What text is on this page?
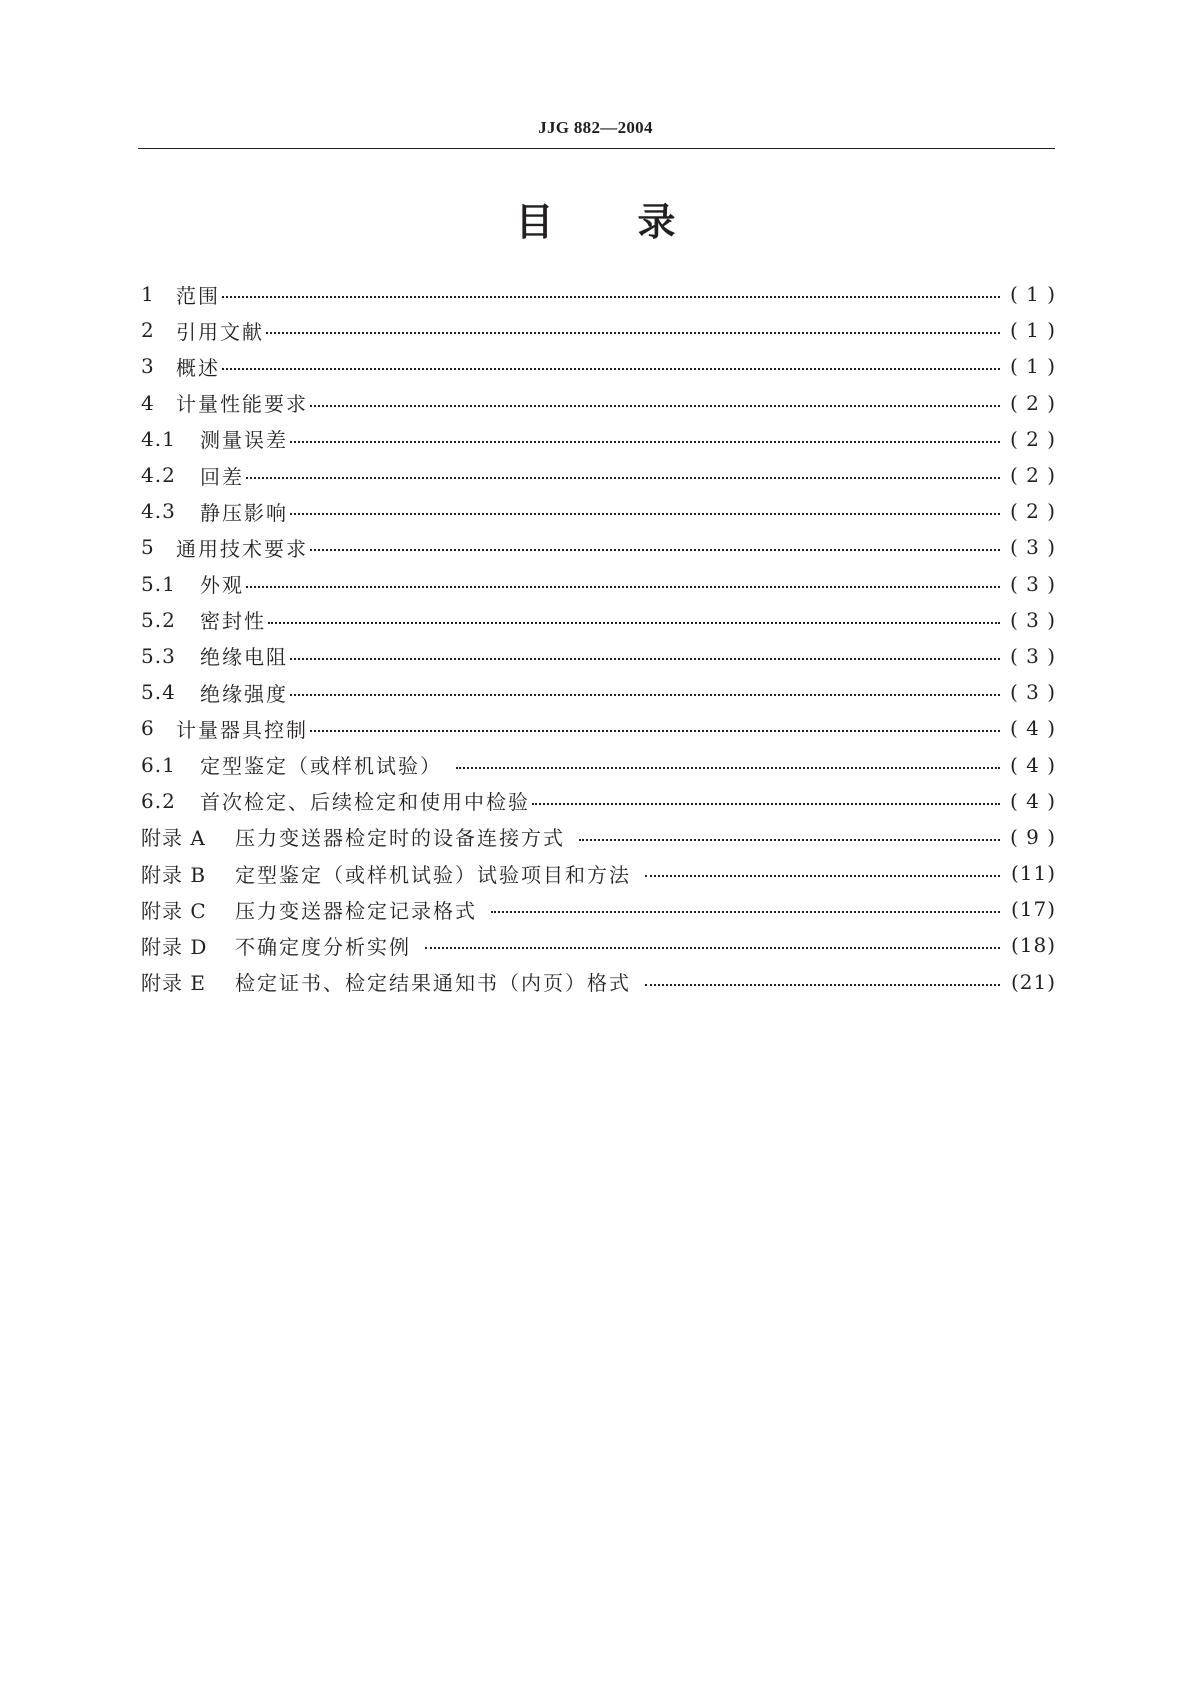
JJG 882—2004
目 录
1	范围	( 1 )
2	引用文献	( 1 )
3	概述	( 1 )
4	计量性能要求	( 2 )
4.1	测量误差	( 2 )
4.2	回差	( 2 )
4.3	静压影响	( 2 )
5	通用技术要求	( 3 )
5.1	外观	( 3 )
5.2	密封性	( 3 )
5.3	绝缘电阻	( 3 )
5.4	绝缘强度	( 3 )
6	计量器具控制	( 4 )
6.1	定型鉴定（或样机试验）	( 4 )
6.2	首次检定、后续检定和使用中检验	( 4 )
附录 A	压力变送器检定时的设备连接方式	( 9 )
附录 B	定型鉴定（或样机试验）试验项目和方法	(11)
附录 C	压力变送器检定记录格式	(17)
附录 D	不确定度分析实例	(18)
附录 E	检定证书、检定结果通知书（内页）格式	(21)
